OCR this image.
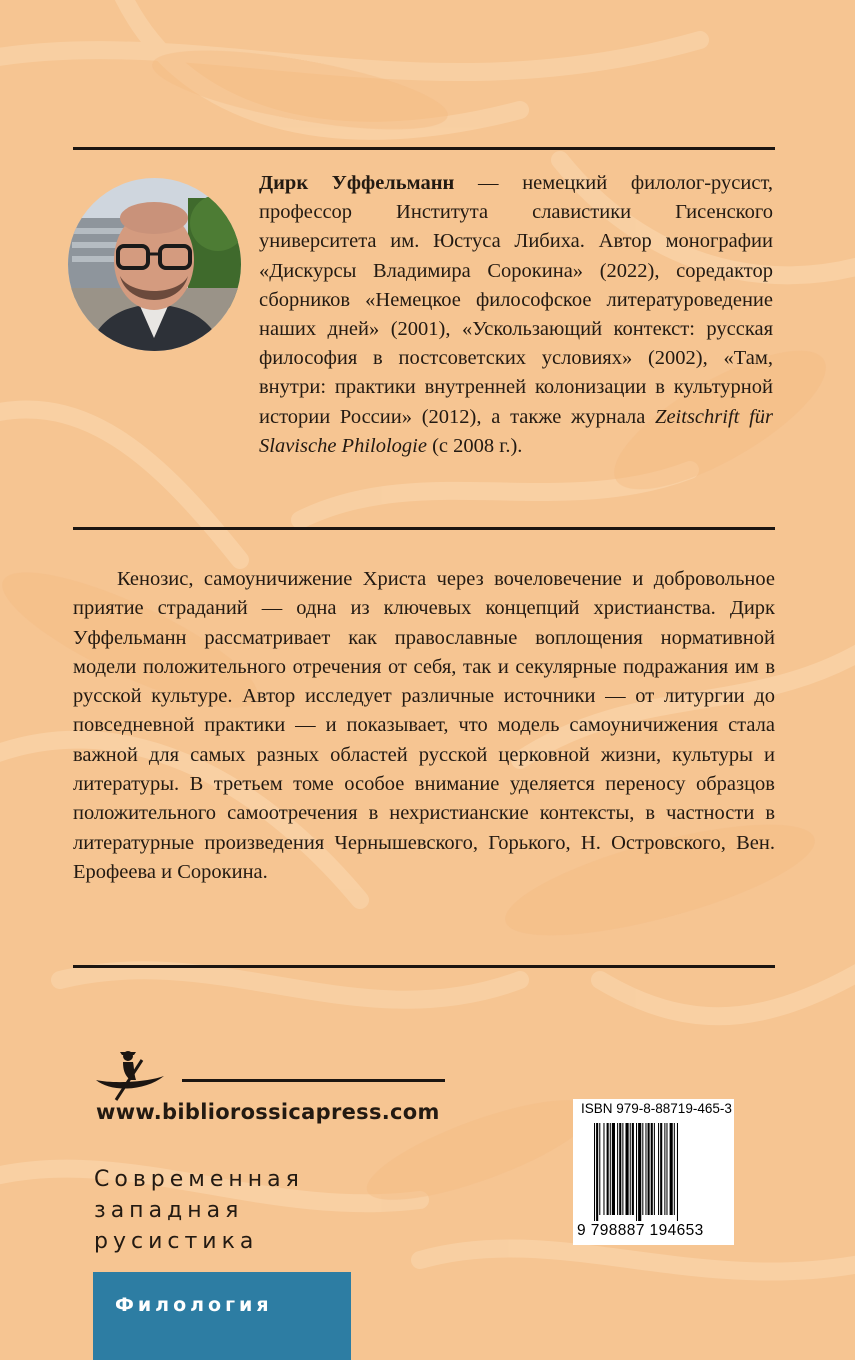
Дирк Уффельманн — немецкий филолог-русист, профессор Института славистики Гисенского университета им. Юстуса Либиха. Автор монографии «Дискурсы Владимира Сорокина» (2022), соредактор сборников «Немецкое философское литературоведение наших дней» (2001), «Ускользающий контекст: русская философия в постсоветских условиях» (2002), «Там, внутри: практики внутренней колонизации в культурной истории России» (2012), а также журнала Zeitschrift für Slavische Philologie (с 2008 г.).

Кенозис, самоуничижение Христа через вочеловечение и добровольное приятие страданий — одна из ключевых концепций христианства. Дирк Уффельманн рассматривает как православные воплощения нормативной модели положительного отречения от себя, так и секулярные подражания им в русской культуре. Автор исследует различные источники — от литургии до повседневной практики — и показывает, что модель самоуничижения стала важной для самых разных областей русской церковной жизни, культуры и литературы. В третьем томе особое внимание уделяется переносу образцов положительного самоотречения в нехристианские контексты, в частности в литературные произведения Чернышевского, Горького, Н. Островского, Вен. Ерофеева и Сорокина.

www.bibliorossicapress.com
Современная
западная
русистика
Филология
ISBN 979-8-88719-465-3
9 798887 194653
